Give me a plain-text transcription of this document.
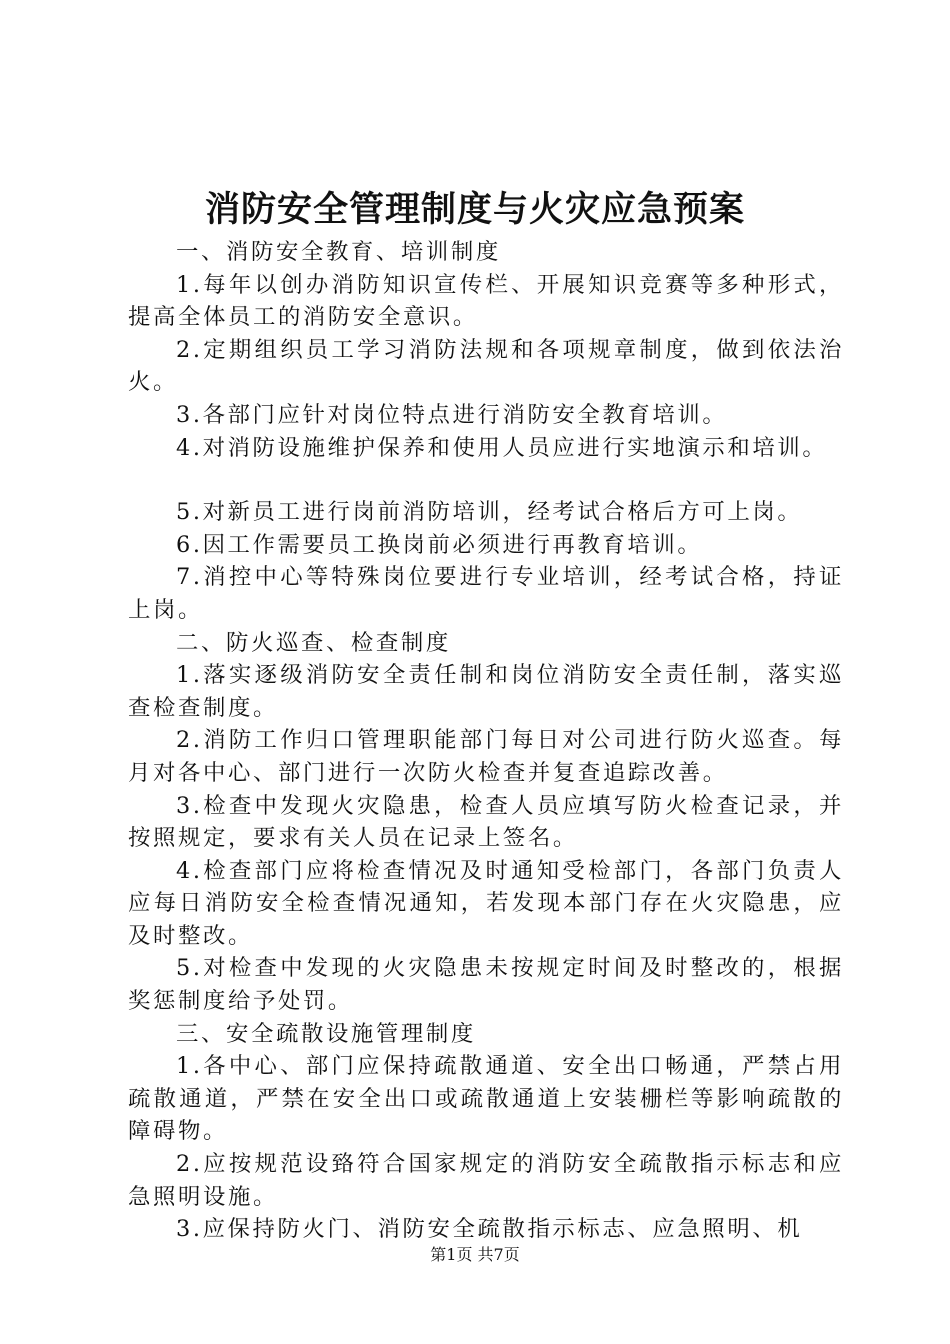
消防安全管理制度与火灾应急预案

一、消防安全教育、培训制度

1.每年以创办消防知识宣传栏、开展知识竞赛等多种形式，提高全体员工的消防安全意识。

2.定期组织员工学习消防法规和各项规章制度，做到依法治火。

3.各部门应针对岗位特点进行消防安全教育培训。

4.对消防设施维护保养和使用人员应进行实地演示和培训。

5.对新员工进行岗前消防培训，经考试合格后方可上岗。

6.因工作需要员工换岗前必须进行再教育培训。

7.消控中心等特殊岗位要进行专业培训，经考试合格，持证上岗。

二、防火巡查、检查制度

1.落实逐级消防安全责任制和岗位消防安全责任制，落实巡查检查制度。

2.消防工作归口管理职能部门每日对公司进行防火巡查。每月对各中心、部门进行一次防火检查并复查追踪改善。

3.检查中发现火灾隐患，检查人员应填写防火检查记录，并按照规定，要求有关人员在记录上签名。

4.检查部门应将检查情况及时通知受检部门，各部门负责人应每日消防安全检查情况通知，若发现本部门存在火灾隐患，应及时整改。

5.对检查中发现的火灾隐患未按规定时间及时整改的，根据奖惩制度给予处罚。

三、安全疏散设施管理制度

1.各中心、部门应保持疏散通道、安全出口畅通，严禁占用疏散通道，严禁在安全出口或疏散通道上安装栅栏等影响疏散的障碍物。

2.应按规范设臵符合国家规定的消防安全疏散指示标志和应急照明设施。

3.应保持防火门、消防安全疏散指示标志、应急照明、机

第1页 共7页
